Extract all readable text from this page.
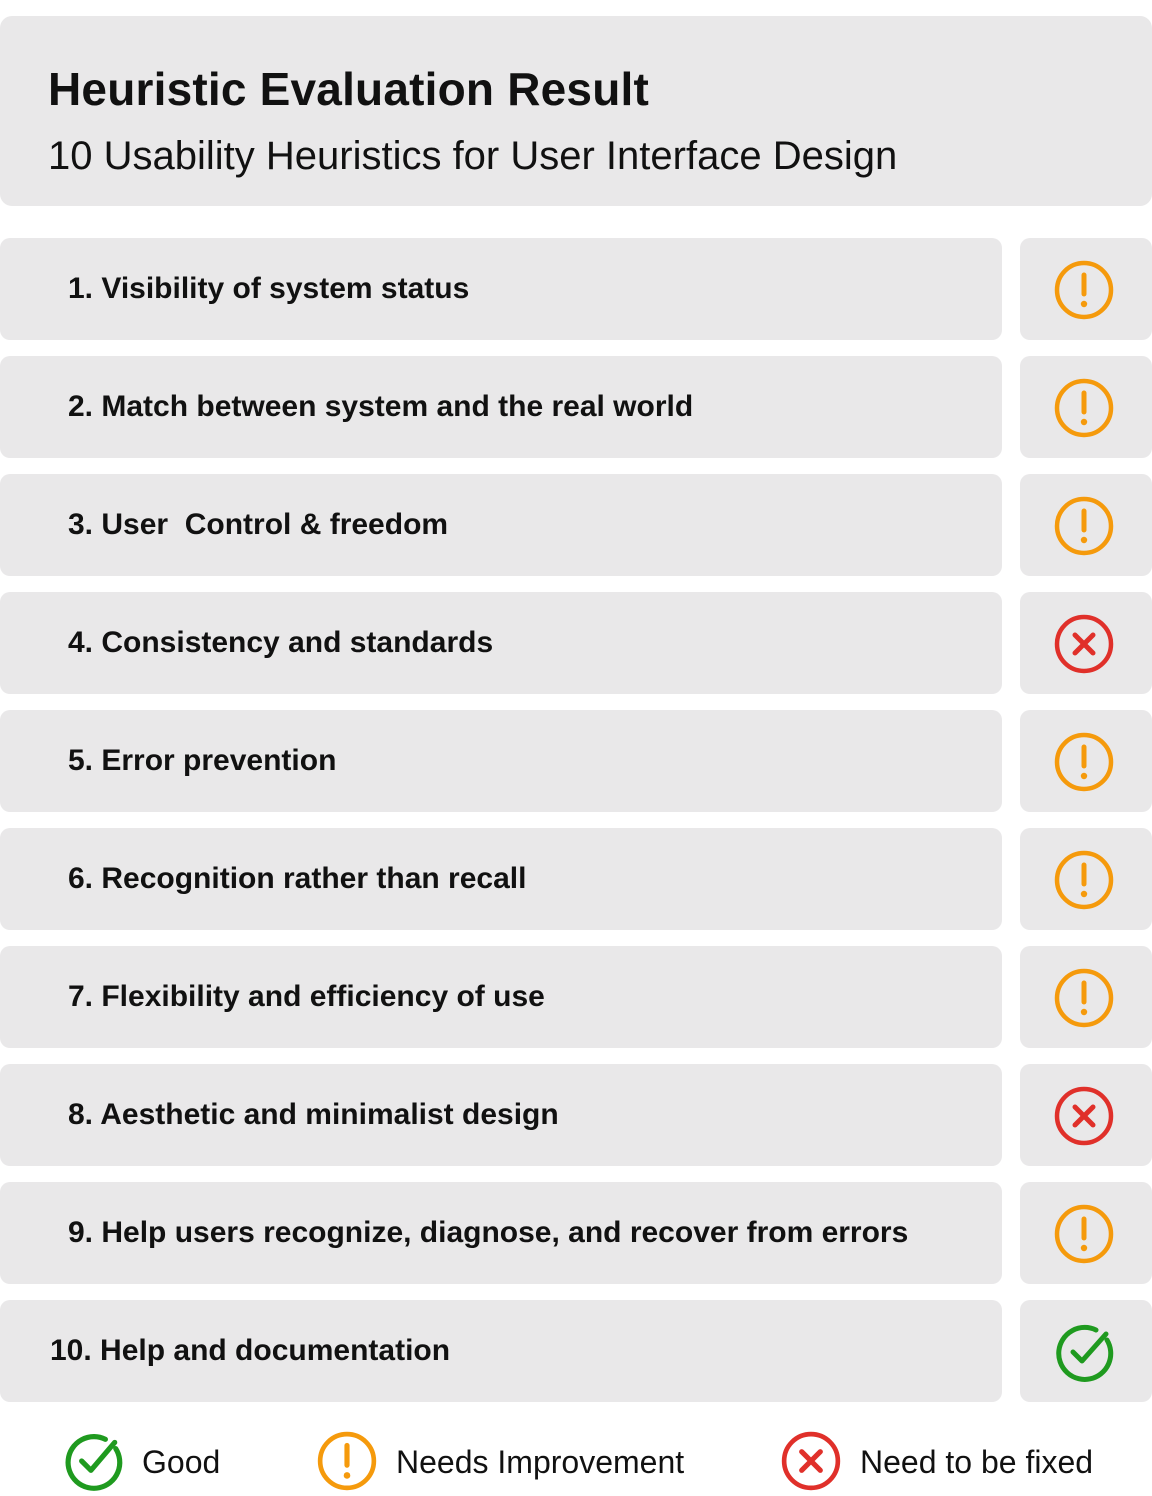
Heuristic Evaluation Result
10 Usability Heuristics for User Interface Design
1. Visibility of system status
2. Match between system and the real world
3. User  Control & freedom
4. Consistency and standards
5. Error prevention
6. Recognition rather than recall
7. Flexibility and efficiency of use
8. Aesthetic and minimalist design
9. Help users recognize, diagnose, and recover from errors
10. Help and documentation
Good	Needs Improvement	Need to be fixed
